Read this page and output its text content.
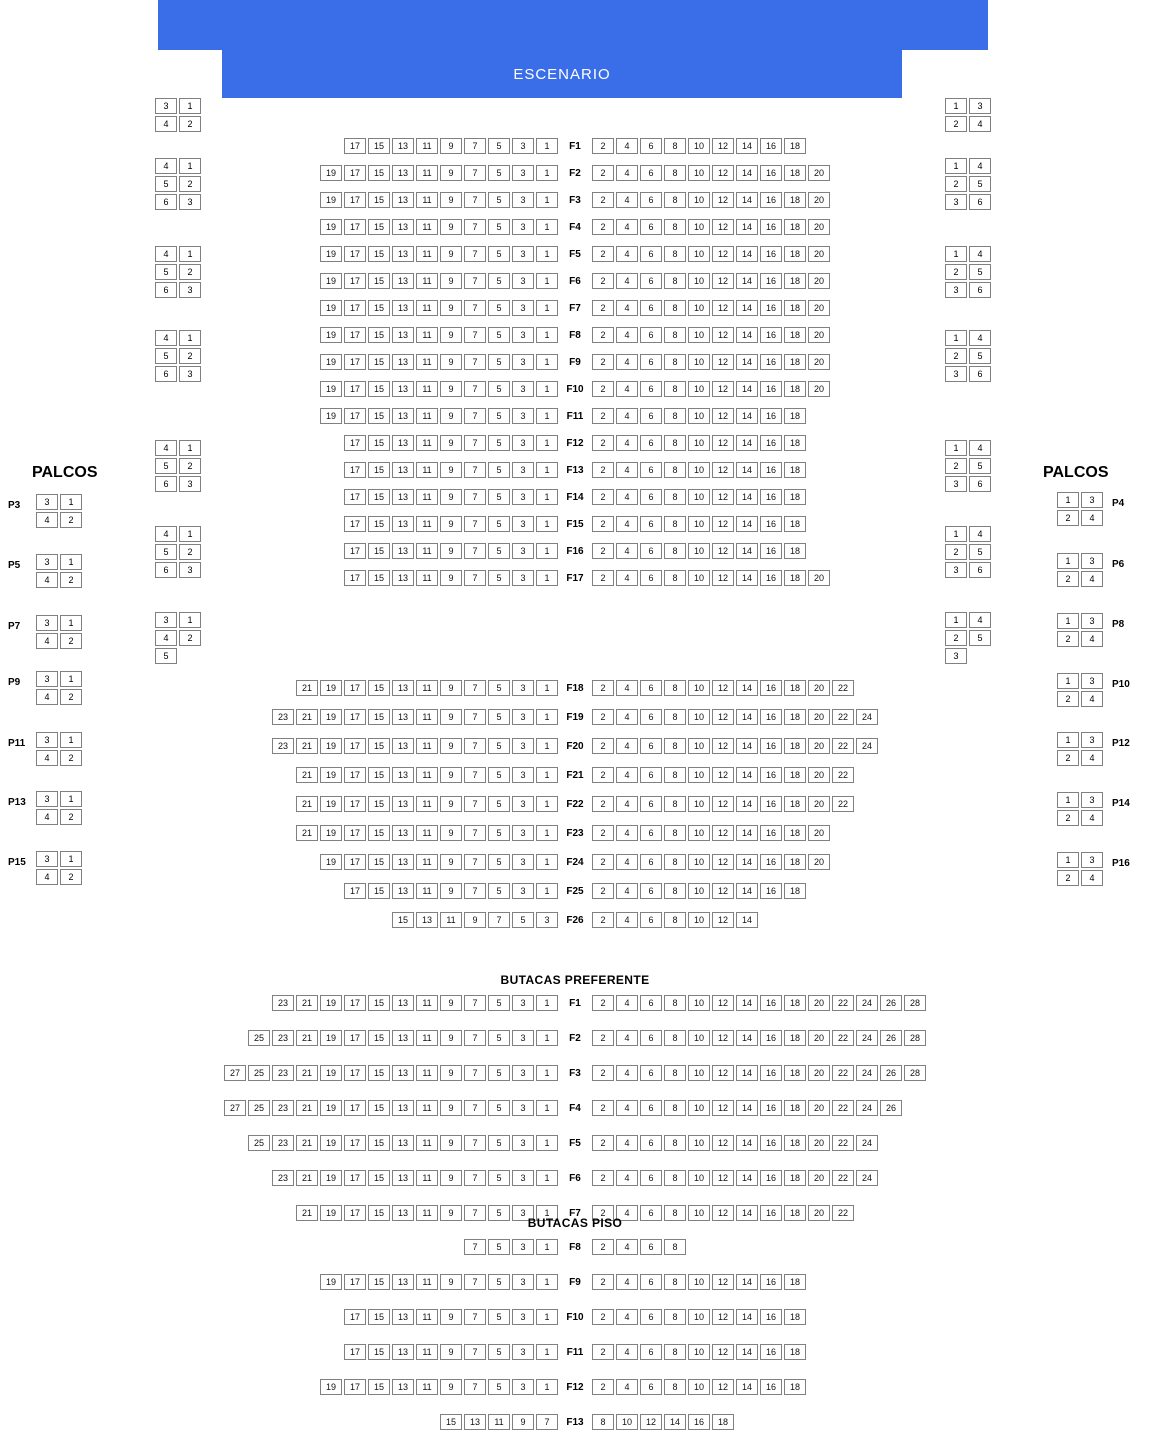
ESCENARIO
3	1
4	2
4	1
5	2
6	3
4	1
5	2
6	3
4	1
5	2
6	3
4	1
5	2
6	3
4	1
5	2
6	3
3	1
4	2
5
1	3
2	4
1	4
2	5
3	6
1	4
2	5
3	6
1	4
2	5
3	6
1	4
2	5
3	6
1	4
2	5
3	6
1	4
2	5
3
17	15	13	11	9	7	5	3	1	F1	2	4	6	8	10	12	14	16	18
19	17	15	13	11	9	7	5	3	1	F2	2	4	6	8	10	12	14	16	18	20
19	17	15	13	11	9	7	5	3	1	F3	2	4	6	8	10	12	14	16	18	20
19	17	15	13	11	9	7	5	3	1	F4	2	4	6	8	10	12	14	16	18	20
19	17	15	13	11	9	7	5	3	1	F5	2	4	6	8	10	12	14	16	18	20
19	17	15	13	11	9	7	5	3	1	F6	2	4	6	8	10	12	14	16	18	20
19	17	15	13	11	9	7	5	3	1	F7	2	4	6	8	10	12	14	16	18	20
19	17	15	13	11	9	7	5	3	1	F8	2	4	6	8	10	12	14	16	18	20
19	17	15	13	11	9	7	5	3	1	F9	2	4	6	8	10	12	14	16	18	20
19	17	15	13	11	9	7	5	3	1	F10	2	4	6	8	10	12	14	16	18	20
19	17	15	13	11	9	7	5	3	1	F11	2	4	6	8	10	12	14	16	18
17	15	13	11	9	7	5	3	1	F12	2	4	6	8	10	12	14	16	18
17	15	13	11	9	7	5	3	1	F13	2	4	6	8	10	12	14	16	18
17	15	13	11	9	7	5	3	1	F14	2	4	6	8	10	12	14	16	18
17	15	13	11	9	7	5	3	1	F15	2	4	6	8	10	12	14	16	18
17	15	13	11	9	7	5	3	1	F16	2	4	6	8	10	12	14	16	18
17	15	13	11	9	7	5	3	1	F17	2	4	6	8	10	12	14	16	18	20
21	19	17	15	13	11	9	7	5	3	1	F18	2	4	6	8	10	12	14	16	18	20	22
23	21	19	17	15	13	11	9	7	5	3	1	F19	2	4	6	8	10	12	14	16	18	20	22	24
23	21	19	17	15	13	11	9	7	5	3	1	F20	2	4	6	8	10	12	14	16	18	20	22	24
21	19	17	15	13	11	9	7	5	3	1	F21	2	4	6	8	10	12	14	16	18	20	22
21	19	17	15	13	11	9	7	5	3	1	F22	2	4	6	8	10	12	14	16	18	20	22
21	19	17	15	13	11	9	7	5	3	1	F23	2	4	6	8	10	12	14	16	18	20
19	17	15	13	11	9	7	5	3	1	F24	2	4	6	8	10	12	14	16	18	20
17	15	13	11	9	7	5	3	1	F25	2	4	6	8	10	12	14	16	18
15	13	11	9	7	5	3	F26	2	4	6	8	10	12	14
PALCOS	PALCOS
3	1
4	2
P3
3	1
4	2
P5
3	1
4	2
P7
3	1
4	2
P9
3	1
4	2
P11
3	1
4	2
P13
3	1
4	2
P15
1	3
2	4
P4
1	3
2	4
P6
1	3
2	4
P8
1	3
2	4
P10
1	3
2	4
P12
1	3
2	4
P14
1	3
2	4
P16
BUTACAS PREFERENTE
23	21	19	17	15	13	11	9	7	5	3	1	F1	2	4	6	8	10	12	14	16	18	20	22	24	26	28
25	23	21	19	17	15	13	11	9	7	5	3	1	F2	2	4	6	8	10	12	14	16	18	20	22	24	26	28
27	25	23	21	19	17	15	13	11	9	7	5	3	1	F3	2	4	6	8	10	12	14	16	18	20	22	24	26	28
27	25	23	21	19	17	15	13	11	9	7	5	3	1	F4	2	4	6	8	10	12	14	16	18	20	22	24	26
25	23	21	19	17	15	13	11	9	7	5	3	1	F5	2	4	6	8	10	12	14	16	18	20	22	24
23	21	19	17	15	13	11	9	7	5	3	1	F6	2	4	6	8	10	12	14	16	18	20	22	24
21	19	17	15	13	11	9	7	5	3	1	F7	2	4	6	8	10	12	14	16	18	20	22
BUTACAS PISO
7	5	3	1	F8	2	4	6	8
19	17	15	13	11	9	7	5	3	1	F9	2	4	6	8	10	12	14	16	18
17	15	13	11	9	7	5	3	1	F10	2	4	6	8	10	12	14	16	18
17	15	13	11	9	7	5	3	1	F11	2	4	6	8	10	12	14	16	18
19	17	15	13	11	9	7	5	3	1	F12	2	4	6	8	10	12	14	16	18
15	13	11	9	7	F13	8	10	12	14	16	18
